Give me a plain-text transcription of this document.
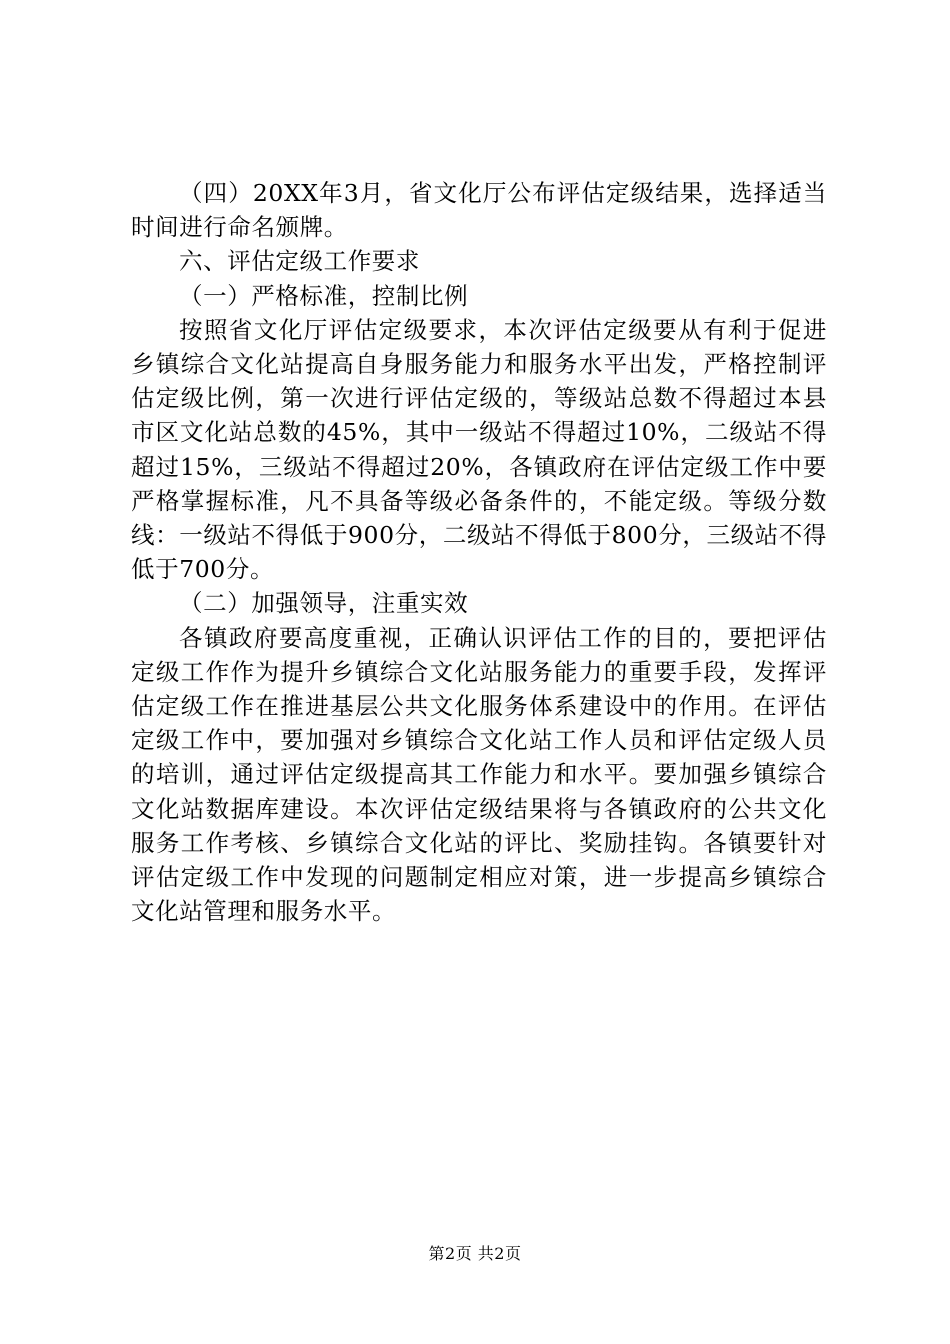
（四）20XX年3月，省文化厅公布评估定级结果，选择适当时间进行命名颁牌。

六、评估定级工作要求

（一）严格标准，控制比例

按照省文化厅评估定级要求，本次评估定级要从有利于促进乡镇综合文化站提高自身服务能力和服务水平出发，严格控制评估定级比例，第一次进行评估定级的，等级站总数不得超过本县市区文化站总数的45%，其中一级站不得超过10%，二级站不得超过15%，三级站不得超过20%，各镇政府在评估定级工作中要严格掌握标准，凡不具备等级必备条件的，不能定级。等级分数线：一级站不得低于900分，二级站不得低于800分，三级站不得低于700分。

（二）加强领导，注重实效

各镇政府要高度重视，正确认识评估工作的目的，要把评估定级工作作为提升乡镇综合文化站服务能力的重要手段，发挥评估定级工作在推进基层公共文化服务体系建设中的作用。在评估定级工作中，要加强对乡镇综合文化站工作人员和评估定级人员的培训，通过评估定级提高其工作能力和水平。要加强乡镇综合文化站数据库建设。本次评估定级结果将与各镇政府的公共文化服务工作考核、乡镇综合文化站的评比、奖励挂钩。各镇要针对评估定级工作中发现的问题制定相应对策，进一步提高乡镇综合文化站管理和服务水平。

第2页 共2页
